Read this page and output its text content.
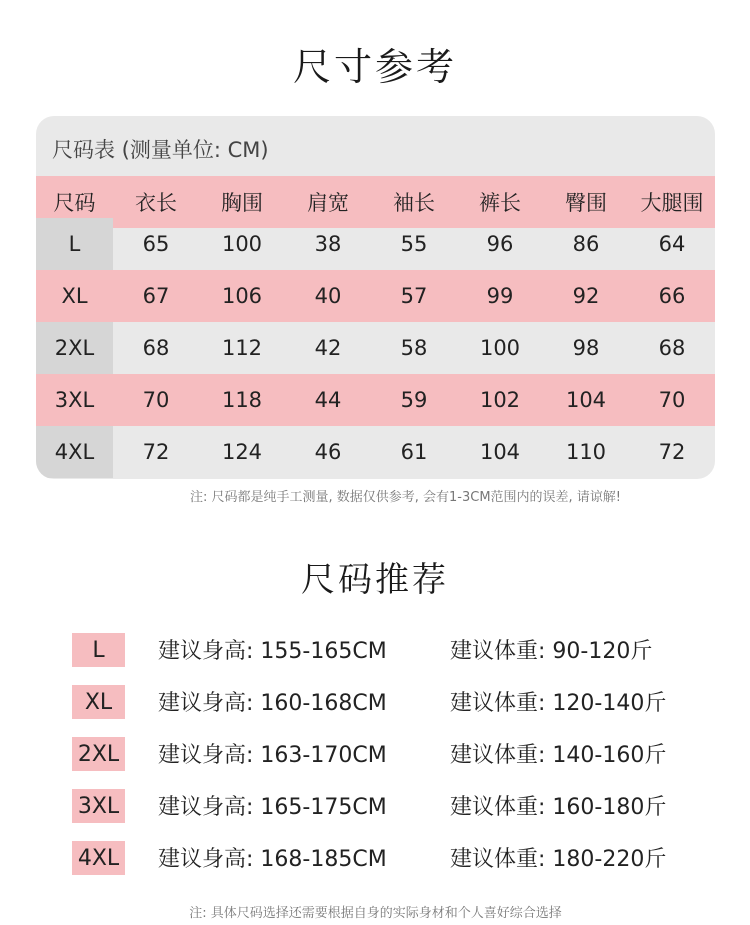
尺寸参考
尺码表 (测量单位: CM)
尺码	衣长	胸围	肩宽	袖长	裤长	臀围	大腿围
L	65	100	38	55	96	86	64
XL	67	106	40	57	99	92	66
2XL	68	112	42	58	100	98	68
3XL	70	118	44	59	102	104	70
4XL	72	124	46	61	104	110	72
注: 尺码都是纯手工测量, 数据仅供参考, 会有1-3CM范围内的误差, 请谅解!
尺码推荐
L	建议身高: 155-165CM	建议体重: 90-120斤
XL	建议身高: 160-168CM	建议体重: 120-140斤
2XL 建议身高: 163-170CM	建议体重: 140-160斤
3XL 建议身高: 165-175CM	建议体重: 160-180斤
4XL 建议身高: 168-185CM	建议体重: 180-220斤
注: 具体尺码选择还需要根据自身的实际身材和个人喜好综合选择
